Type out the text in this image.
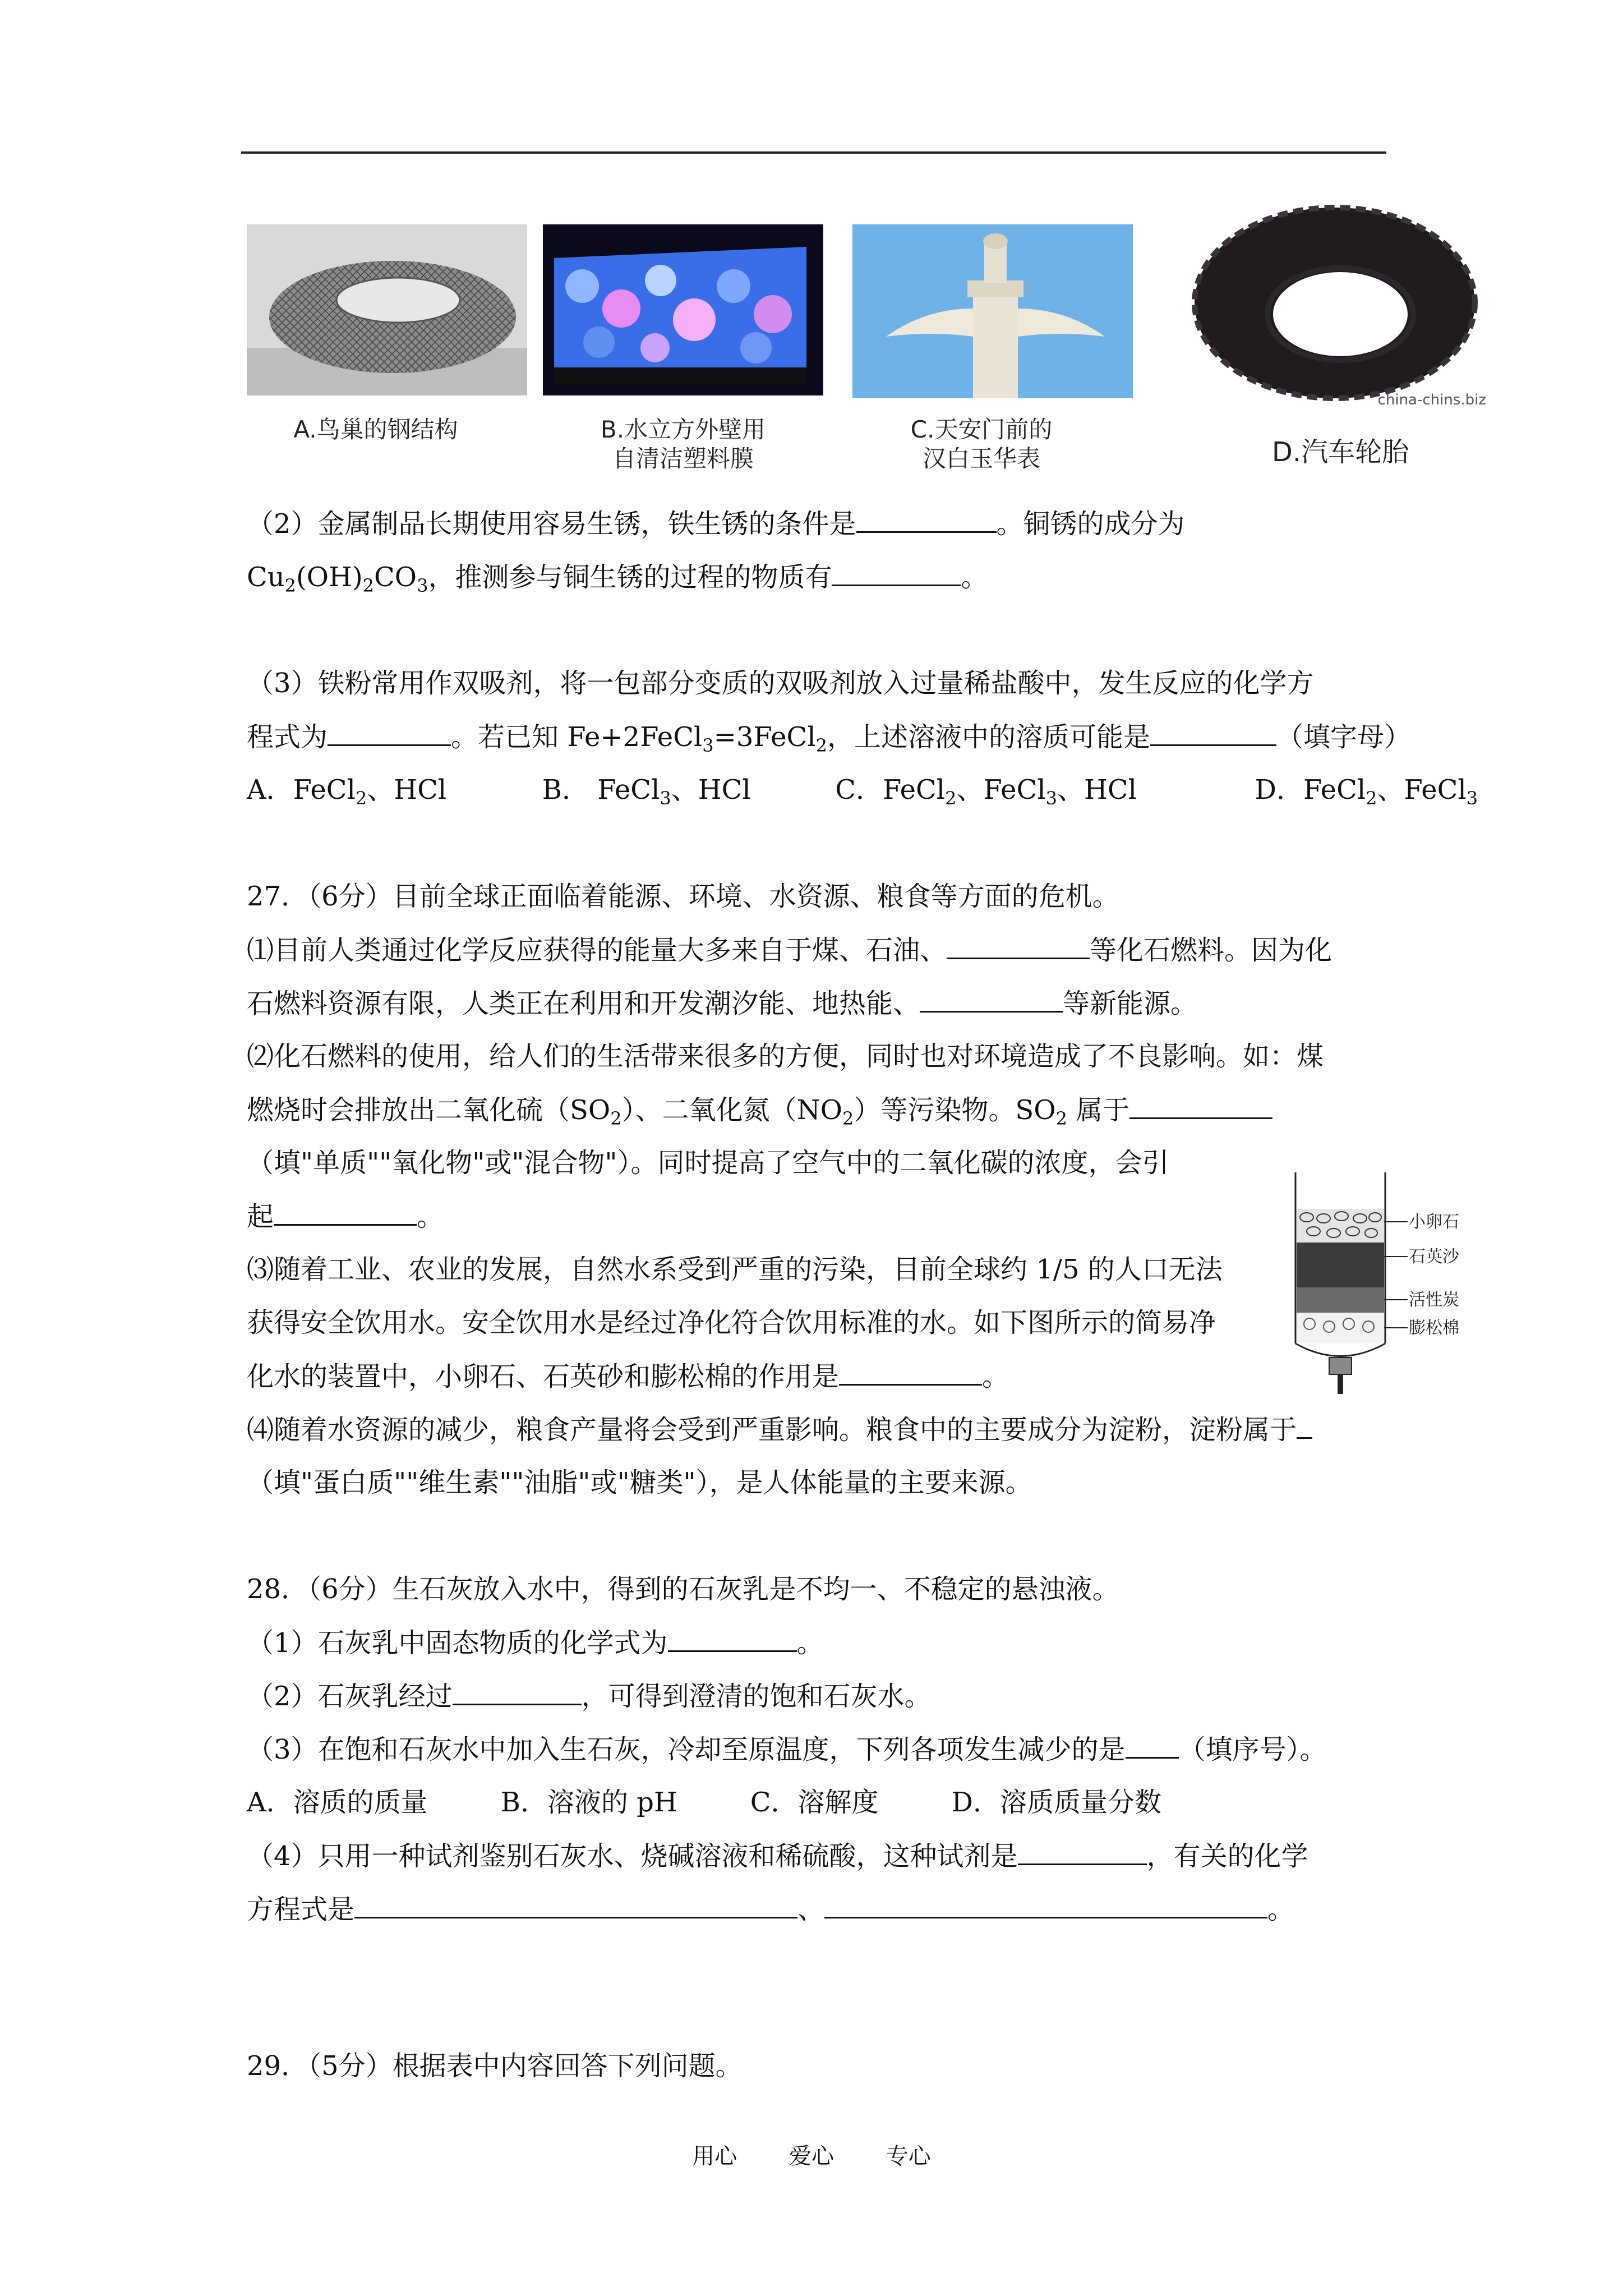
A.鸟巢的钢结构	B.水立方外壁用
自清洁塑料膜
C.天安门前的
汉白玉华表
china-chins.biz
D.汽车轮胎
（2）金属制品长期使用容易生锈，铁生锈的条件是	。铜锈的成分为
$Cu_2(OH)_2CO_3$，推测参与铜生锈的过程的物质有	。
（3）铁粉常用作双吸剂，将一包部分变质的双吸剂放入过量稀盐酸中，发生反应的化学方
程式为	。若已知 Fe+2FeCl$_3$=3FeCl$_2$，上述溶液中的溶质可能是	（填字母）
A．FeCl$_2$、HCl	B． FeCl$_3$、HCl	C．FeCl$_2$、FeCl$_3$、HCl	D．FeCl$_2$、FeCl$_3$
27．（6分）目前全球正面临着能源、环境、水资源、粮食等方面的危机。
⑴目前人类通过化学反应获得的能量大多来自于煤、石油、	等化石燃料。因为化
石燃料资源有限，人类正在利用和开发潮汐能、地热能、	等新能源。
⑵化石燃料的使用，给人们的生活带来很多的方便，同时也对环境造成了不良影响。如：煤
燃烧时会排放出二氧化硫$(SO_2)$、二氧化氮$(NO_2)$等污染物。$SO_2$ 属于
（填"单质""氧化物"或"混合物"）。同时提高了空气中的二氧化碳的浓度，会引
起	。
⑶随着工业、农业的发展，自然水系受到严重的污染，目前全球约 1/5 的人口无法
获得安全饮用水。安全饮用水是经过净化符合饮用标准的水。如下图所示的简易净
化水的装置中，小卵石、石英砂和膨松棉的作用是	。
⑷随着水资源的减少，粮食产量将会受到严重影响。粮食中的主要成分为淀粉，淀粉属于
（填"蛋白质""维生素""油脂"或"糖类"），是人体能量的主要来源。
小卵石
石英沙
活性炭
膨松棉
28．（6分）生石灰放入水中，得到的石灰乳是不均一、不稳定的悬浊液。
（1）石灰乳中固态物质的化学式为	。
（2）石灰乳经过	，可得到澄清的饱和石灰水。
（3）在饱和石灰水中加入生石灰，冷却至原温度，下列各项发生减少的是 （填序号）。
A．溶质的质量	B．溶液的 pH	C．溶解度	D．溶质质量分数
（4）只用一种试剂鉴别石灰水、烧碱溶液和稀硫酸，这种试剂是	，有关的化学
方程式是	、	。
29．（5分）根据表中内容回答下列问题。
用心 爱心 专心
